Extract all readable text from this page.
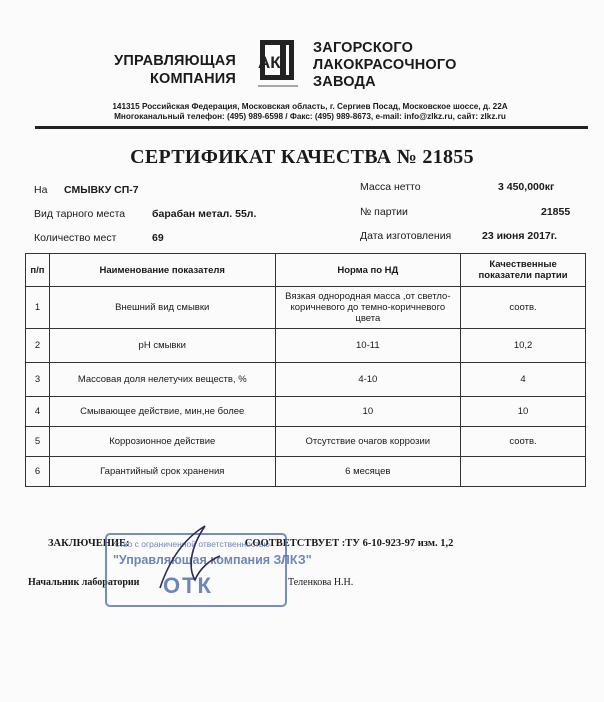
УПРАВЛЯЮЩАЯ
КОМПАНИЯ
АК
ЗАГОРСКОГО
ЛАКОКРАСОЧНОГО
ЗАВОДА
141315 Российская Федерация, Московская область, г. Сергиев Посад, Московское шоссе, д. 22А
Многоканальный телефон: (495) 989-6598 / Факс: (495) 989-8673, e-mail: info@zlkz.ru, сайт: zlkz.ru
СЕРТИФИКАТ КАЧЕСТВА № 21855
На СМЫВКУ СП-7
Вид тарного места	барабан метал. 55л.
Количество мест	69
Масса нетто	3 450,000кг
№ партии	21855
Дата изготовления	23 июня 2017г.
п/п	Наименование показателя	Норма по НД	Качественные показатели партии
1	Внешний вид смывки	Вязкая однородная масса ,от светло-коричневого до темно-коричневого цвета	соотв.
2	pH смывки	10-11	10,2
3	Массовая доля нелетучих веществ, %	4-10	4
4	Смывающее действие, мин,не более	10	10
5	Коррозионное действие	Отсутствие очагов коррозии	соотв.
6	Гарантийный срок хранения	6 месяцев	
ЗАКЛЮЧЕНИЕ:	СООТВЕТСТВУЕТ :ТУ 6-10-923-97 изм. 1,2
Начальник лаборатории	Теленкова Н.Н.
ство с ограниченной ответственностью
"Управляющая компания ЗЛКЗ"
ОТК
